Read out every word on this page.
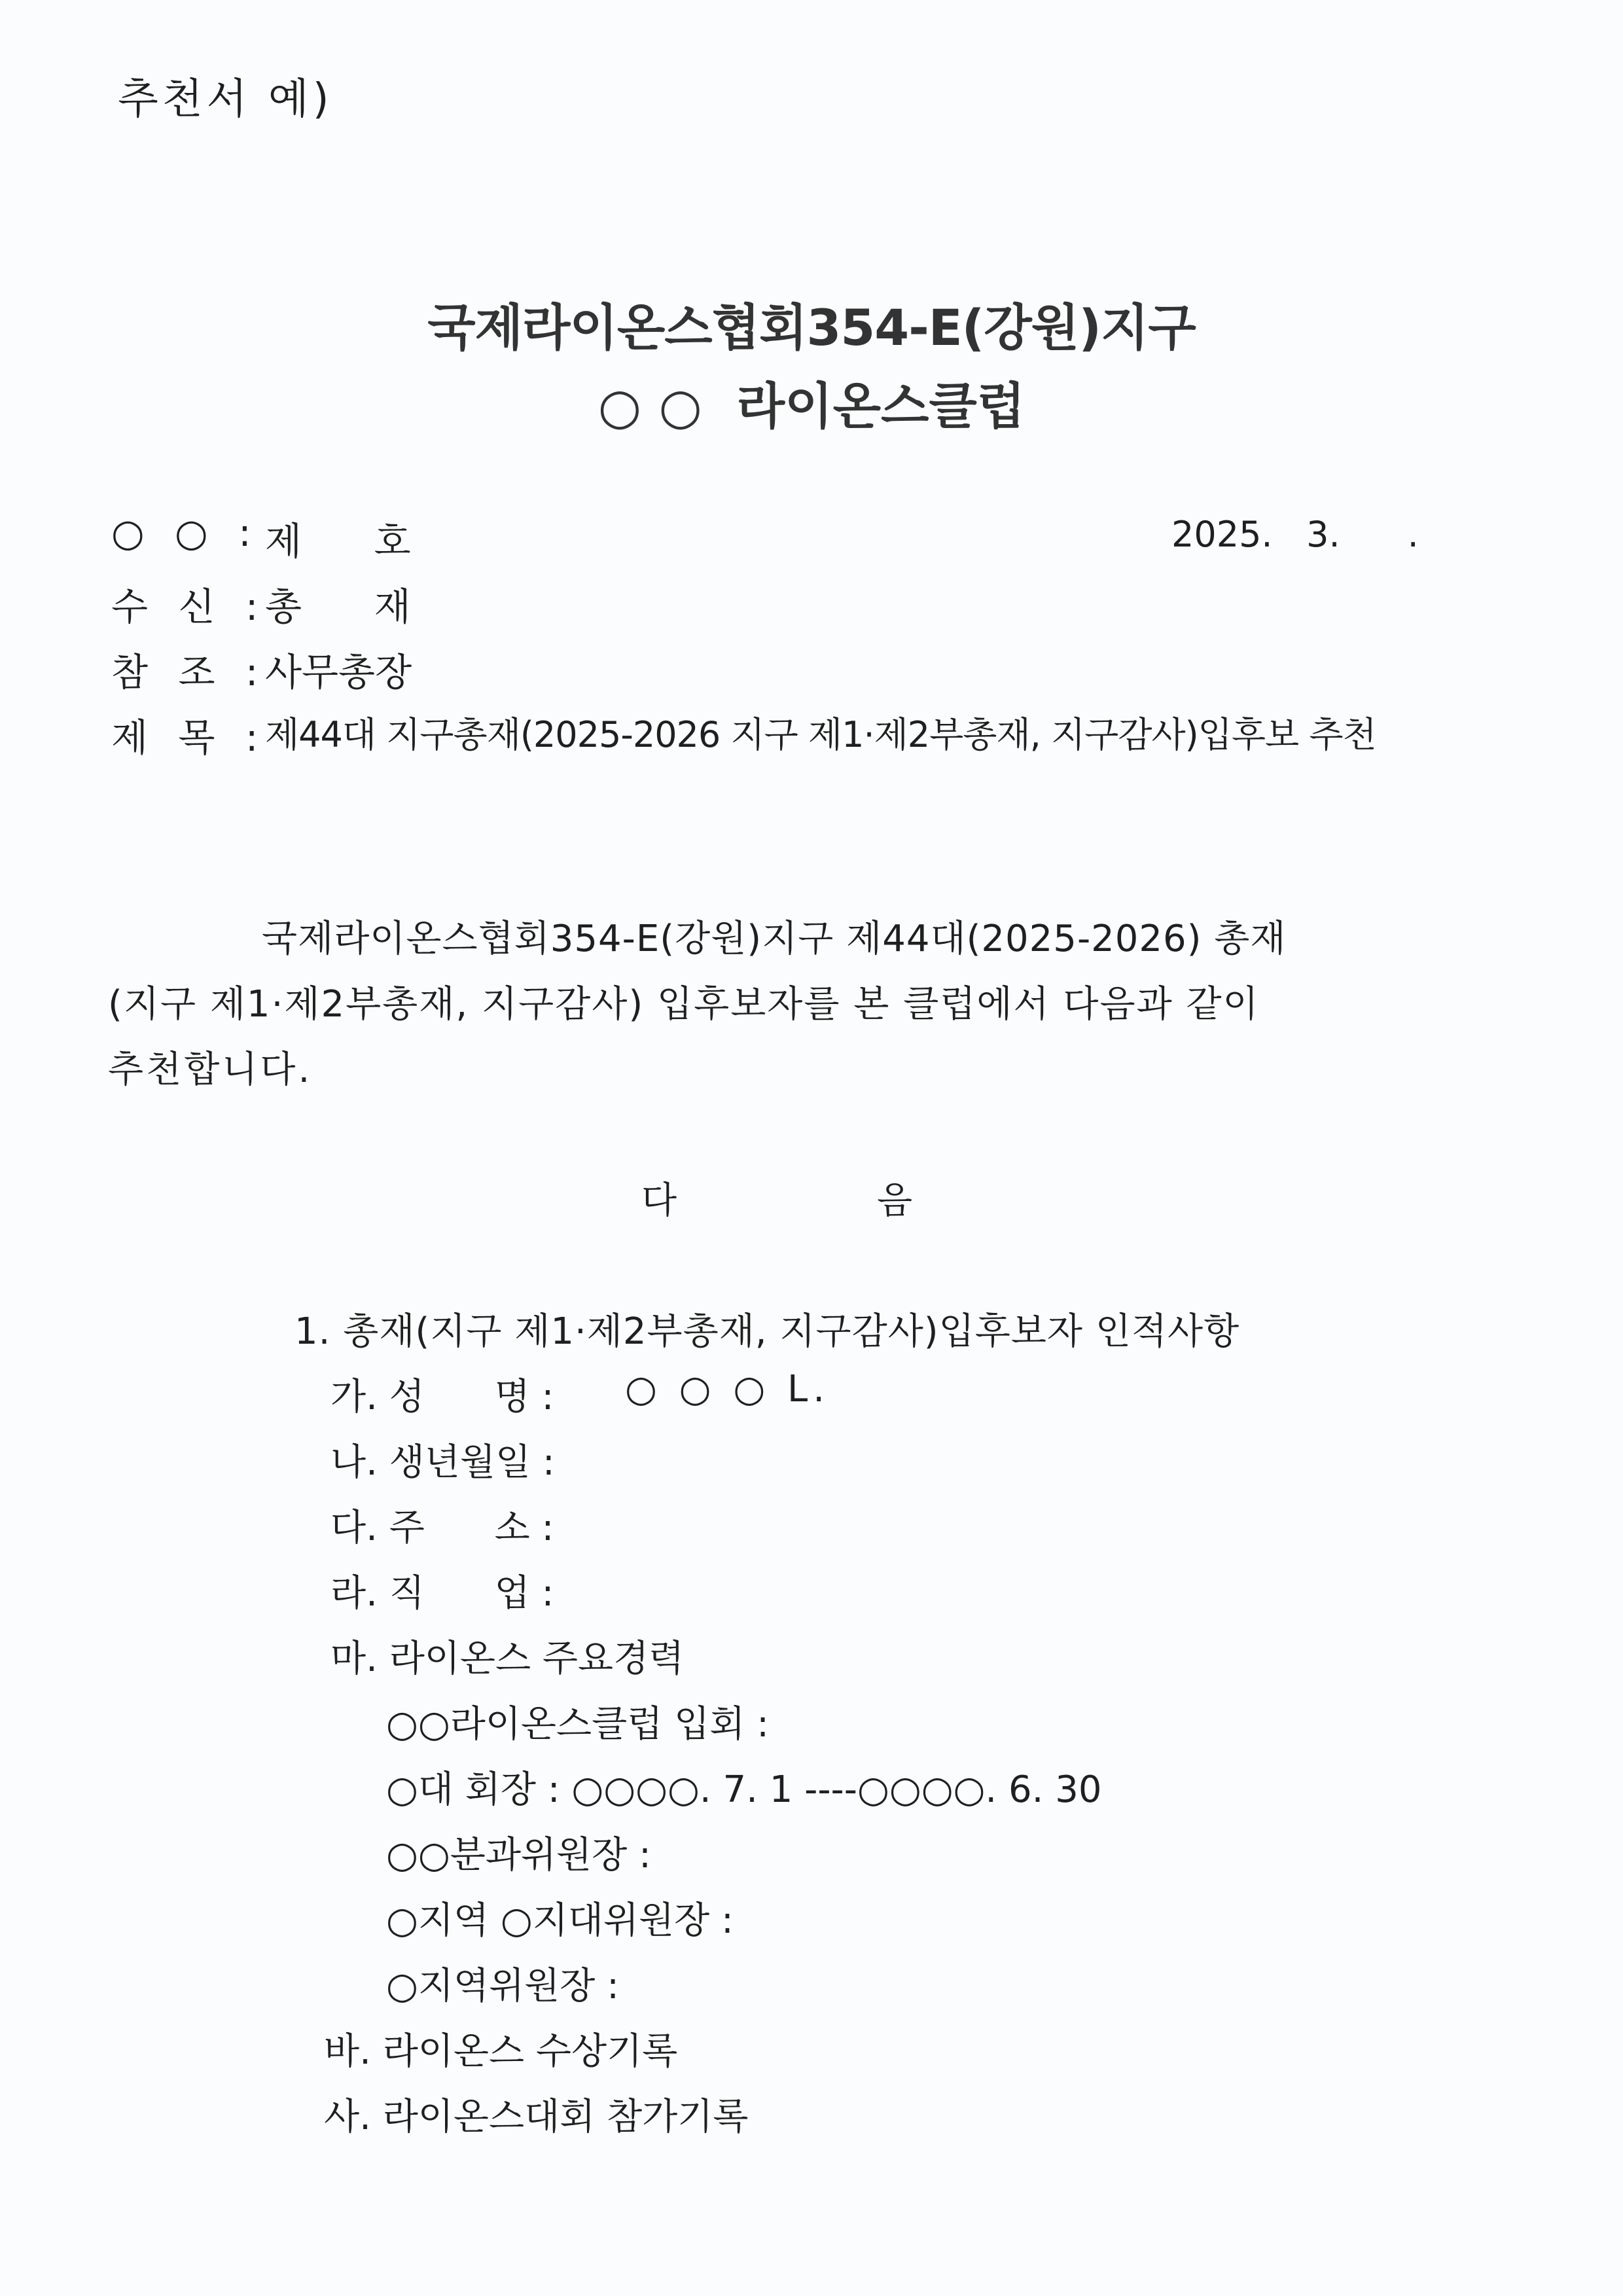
추천서 예)
국제라이온스협회354-E(강원)지구
○ ○  라이온스클럽
○ ○ : 제      호
수 신 :
총      재
참 조 :
사무총장
제 목 :
제44대 지구총재(2025-2026 지구 제1·제2부총재, 지구감사)입후보 추천
2025.   3.      .
국제라이온스협회354-E(강원)지구 제44대(2025-2026) 총재
(지구 제1·제2부총재, 지구감사) 입후보자를 본 클럽에서 다음과 같이
추천합니다.
다	음
1. 총재(지구 제1·제2부총재, 지구감사)입후보자 인적사항
가. 성      명 : ○ ○ ○ L.
나. 생년월일 :
다. 주      소 :
라. 직      업 :
마. 라이온스 주요경력
○○라이온스클럽 입회 :
○대 회장 : ○○○○. 7. 1 ----○○○○. 6. 30
○○분과위원장 :
○지역 ○지대위원장 :
○지역위원장 :
바. 라이온스 수상기록
사. 라이온스대회 참가기록
